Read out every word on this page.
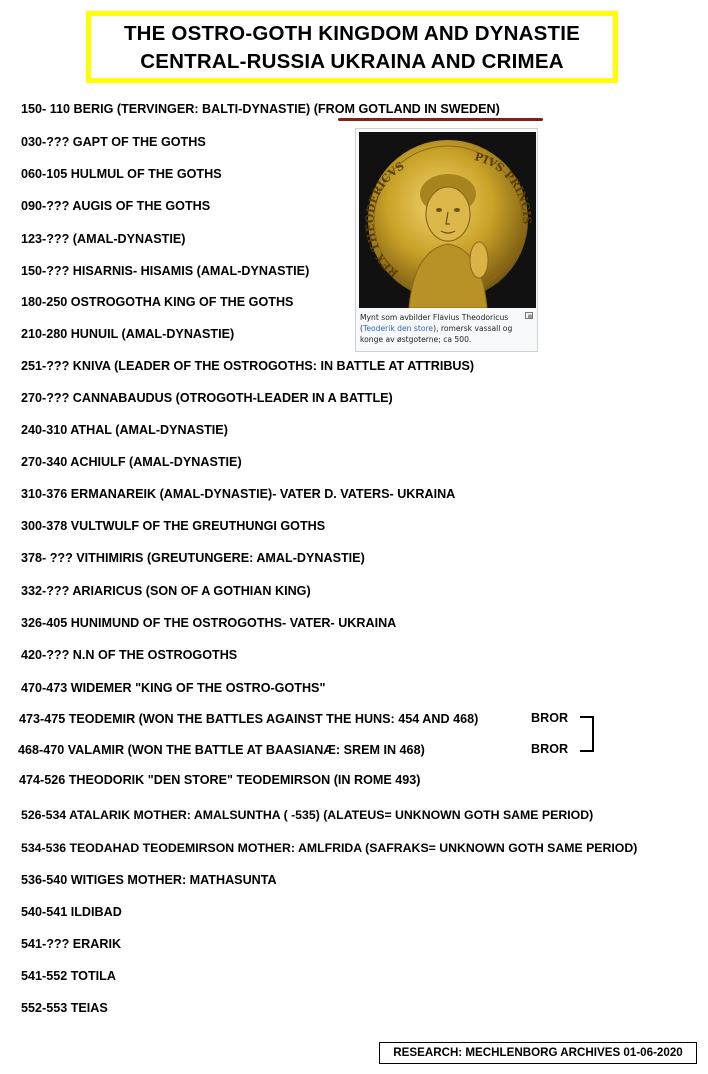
THE OSTRO-GOTH KINGDOM AND DYNASTIE
CENTRAL-RUSSIA UKRAINA AND CRIMEA
150- 110 BERIG (TERVINGER: BALTI-DYNASTIE) (FROM GOTLAND IN SWEDEN)
030-??? GAPT OF THE GOTHS
060-105 HULMUL OF THE GOTHS
090-??? AUGIS OF THE GOTHS
123-??? (AMAL-DYNASTIE)
150-??? HISARNIS- HISAMIS (AMAL-DYNASTIE)
180-250 OSTROGOTHA KING OF THE GOTHS
210-280 HUNUIL (AMAL-DYNASTIE)
251-??? KNIVA (LEADER OF THE OSTROGOTHS: IN BATTLE AT ATTRIBUS)
270-??? CANNABAUDUS (OTROGOTH-LEADER IN A BATTLE)
240-310 ATHAL (AMAL-DYNASTIE)
270-340 ACHIULF (AMAL-DYNASTIE)
310-376 ERMANAREIK (AMAL-DYNASTIE)- VATER D. VATERS- UKRAINA
300-378 VULTWULF OF THE GREUTHUNGI GOTHS
378- ??? VITHIMIRIS (GREUTUNGERE: AMAL-DYNASTIE)
332-??? ARIARICUS (SON OF A GOTHIAN KING)
326-405 HUNIMUND OF THE OSTROGOTHS- VATER- UKRAINA
420-??? N.N OF THE OSTROGOTHS
470-473 WIDEMER "KING OF THE OSTRO-GOTHS"
473-475 TEODEMIR (WON THE BATTLES AGAINST THE HUNS: 454 AND 468)
468-470 VALAMIR (WON THE BATTLE AT BAASIANÆ: SREM IN 468)
474-526 THEODORIK "DEN STORE" TEODEMIRSON (IN ROME 493)
526-534 ATALARIK MOTHER: AMALSUNTHA ( -535) (ALATEUS= UNKNOWN GOTH SAME PERIOD)
534-536 TEODAHAD TEODEMIRSON MOTHER: AMLFRIDA (SAFRAKS= UNKNOWN GOTH SAME PERIOD)
536-540 WITIGES MOTHER: MATHASUNTA
540-541 ILDIBAD
541-??? ERARIK
541-552 TOTILA
552-553 TEIAS
BROR
BROR
REX THEODERICVS
PIVS PRINCIS
Mynt som avbilder Flavius Theodoricus (Teoderik den store), romersk vassall og konge av østgoterne; ca 500.
RESEARCH: MECHLENBORG ARCHIVES 01-06-2020
